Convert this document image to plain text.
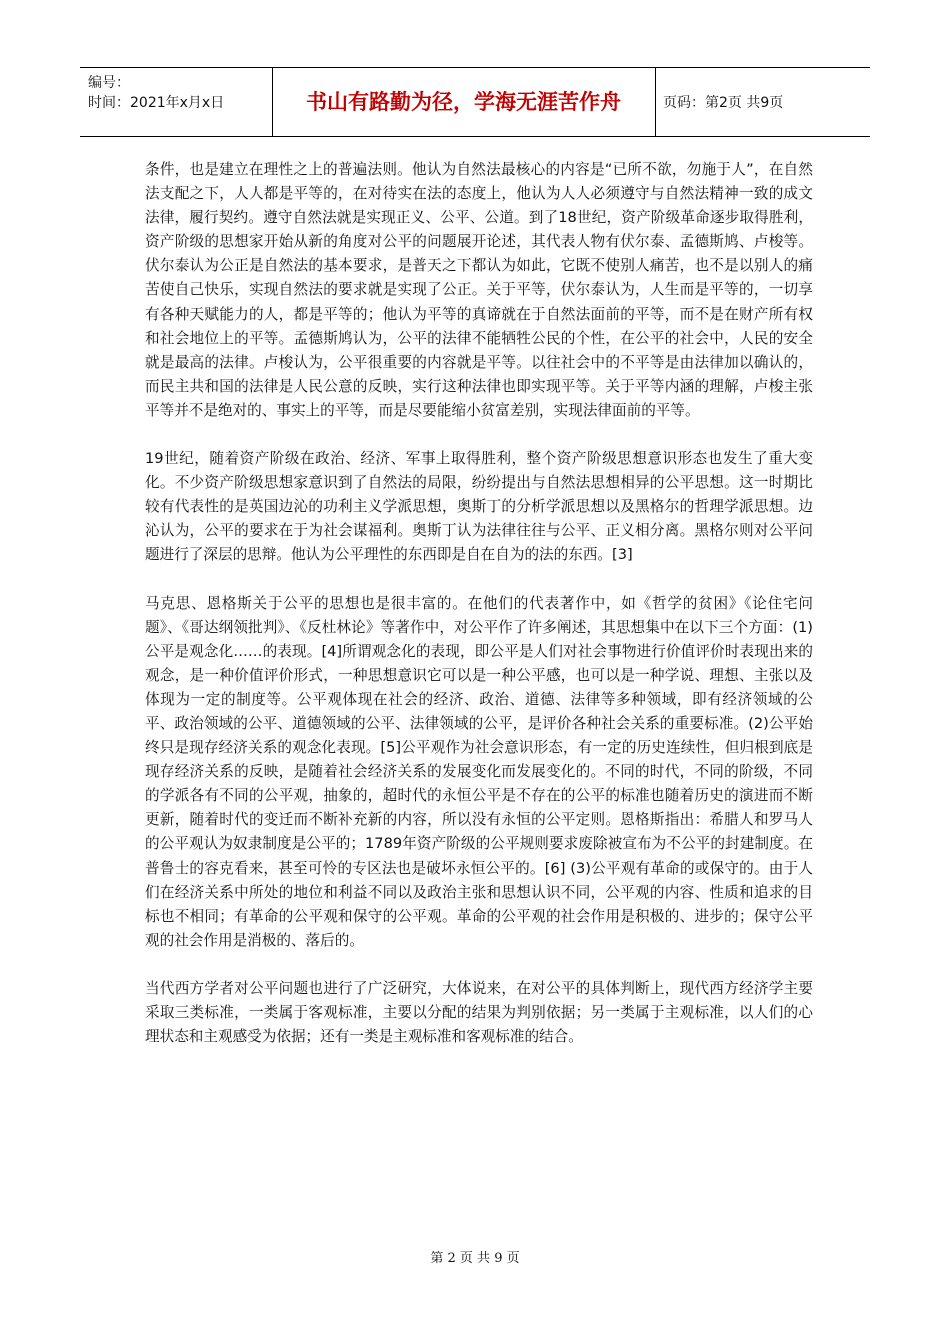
编号：
时间：2021年x月x日	书山有路勤为径，学海无涯苦作舟	页码：第2页 共9页

条件，也是建立在理性之上的普遍法则。他认为自然法最核心的内容是“已所不欲，勿施于人”，在自然法支配之下，人人都是平等的，在对待实在法的态度上，他认为人人必须遵守与自然法精神一致的成文法律，履行契约。遵守自然法就是实现正义、公平、公道。到了18世纪，资产阶级革命逐步取得胜利，资产阶级的思想家开始从新的角度对公平的问题展开论述，其代表人物有伏尔泰、孟德斯鸠、卢梭等。伏尔泰认为公正是自然法的基本要求，是普天之下都认为如此，它既不使别人痛苦，也不是以别人的痛苦使自己快乐，实现自然法的要求就是实现了公正。关于平等，伏尔泰认为，人生而是平等的，一切享有各种天赋能力的人，都是平等的；他认为平等的真谛就在于自然法面前的平等，而不是在财产所有权和社会地位上的平等。孟德斯鸠认为，公平的法律不能牺牲公民的个性，在公平的社会中，人民的安全就是最高的法律。卢梭认为，公平很重要的内容就是平等。以往社会中的不平等是由法律加以确认的，而民主共和国的法律是人民公意的反映，实行这种法律也即实现平等。关于平等内涵的理解，卢梭主张平等并不是绝对的、事实上的平等，而是尽要能缩小贫富差别，实现法律面前的平等。

19世纪，随着资产阶级在政治、经济、军事上取得胜利，整个资产阶级思想意识形态也发生了重大变化。不少资产阶级思想家意识到了自然法的局限，纷纷提出与自然法思想相异的公平思想。这一时期比较有代表性的是英国边沁的功利主义学派思想，奥斯丁的分析学派思想以及黑格尔的哲理学派思想。边沁认为，公平的要求在于为社会谋福利。奥斯丁认为法律往往与公平、正义相分离。黑格尔则对公平问题进行了深层的思辩。他认为公平理性的东西即是自在自为的法的东西。[3]

马克思、恩格斯关于公平的思想也是很丰富的。在他们的代表著作中，如《哲学的贫困》《论住宅问题》、《哥达纲领批判》、《反杜林论》等著作中，对公平作了许多阐述，其思想集中在以下三个方面：(1)公平是观念化……的表现。[4]所谓观念化的表现，即公平是人们对社会事物进行价值评价时表现出来的观念，是一种价值评价形式，一种思想意识它可以是一种公平感，也可以是一种学说、理想、主张以及体现为一定的制度等。公平观体现在社会的经济、政治、道德、法律等多种领域，即有经济领域的公平、政治领域的公平、道德领域的公平、法律领域的公平，是评价各种社会关系的重要标准。(2)公平始终只是现存经济关系的观念化表现。[5]公平观作为社会意识形态，有一定的历史连续性，但归根到底是现存经济关系的反映，是随着社会经济关系的发展变化而发展变化的。不同的时代，不同的阶级，不同的学派各有不同的公平观，抽象的，超时代的永恒公平是不存在的公平的标准也随着历史的演进而不断更新，随着时代的变迁而不断补充新的内容，所以没有永恒的公平定则。恩格斯指出：希腊人和罗马人的公平观认为奴隶制度是公平的；1789年资产阶级的公平规则要求废除被宣布为不公平的封建制度。在普鲁士的容克看来，甚至可怜的专区法也是破坏永恒公平的。[6] (3)公平观有革命的或保守的。由于人们在经济关系中所处的地位和利益不同以及政治主张和思想认识不同，公平观的内容、性质和追求的目标也不相同；有革命的公平观和保守的公平观。革命的公平观的社会作用是积极的、进步的；保守公平观的社会作用是消极的、落后的。

当代西方学者对公平问题也进行了广泛研究，大体说来，在对公平的具体判断上，现代西方经济学主要采取三类标准，一类属于客观标准，主要以分配的结果为判别依据；另一类属于主观标准，以人们的心理状态和主观感受为依据；还有一类是主观标准和客观标准的结合。

第 2 页 共 9 页
